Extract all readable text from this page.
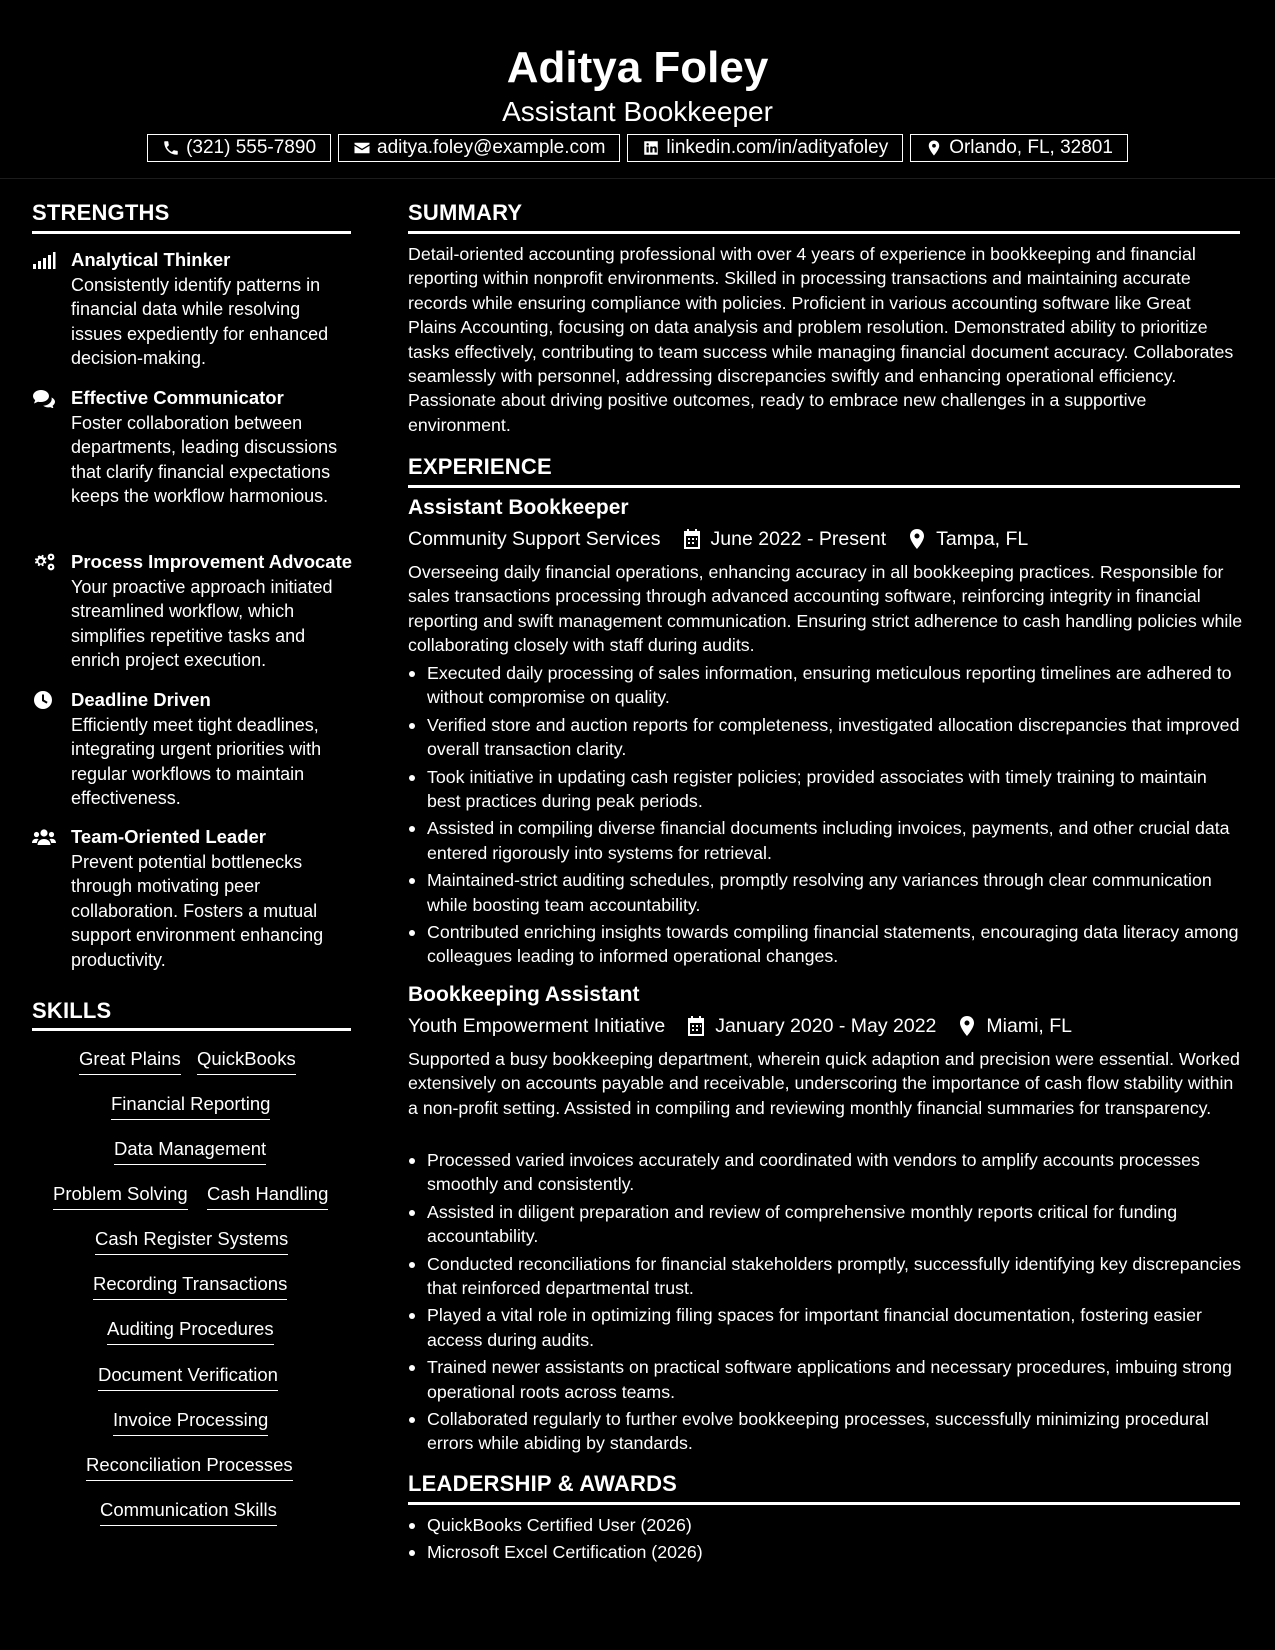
Aditya Foley
Assistant Bookkeeper
(321) 555-7890	aditya.foley@example.com	linkedin.com/in/adityafoley	Orlando, FL, 32801
STRENGTHS
Analytical Thinker
Consistently identify patterns in financial data while resolving issues expediently for enhanced decision-making.
Effective Communicator
Foster collaboration between departments, leading discussions that clarify financial expectations keeps the workflow harmonious.
Process Improvement Advocate
Your proactive approach initiated streamlined workflow, which simplifies repetitive tasks and enrich project execution.
Deadline Driven
Efficiently meet tight deadlines, integrating urgent priorities with regular workflows to maintain effectiveness.
Team-Oriented Leader
Prevent potential bottlenecks through motivating peer collaboration. Fosters a mutual support environment enhancing productivity.
SKILLS
Great Plains QuickBooks
Financial Reporting
Data Management
Problem Solving Cash Handling
Cash Register Systems
Recording Transactions
Auditing Procedures
Document Verification
Invoice Processing
Reconciliation Processes
Communication Skills
SUMMARY
Detail-oriented accounting professional with over 4 years of experience in bookkeeping and financial reporting within nonprofit environments. Skilled in processing transactions and maintaining accurate records while ensuring compliance with policies. Proficient in various accounting software like Great Plains Accounting, focusing on data analysis and problem resolution. Demonstrated ability to prioritize tasks effectively, contributing to team success while managing financial document accuracy. Collaborates seamlessly with personnel, addressing discrepancies swiftly and enhancing operational efficiency. Passionate about driving positive outcomes, ready to embrace new challenges in a supportive environment.
EXPERIENCE
Assistant Bookkeeper
Community Support Services	June 2022 - Present	Tampa, FL
Overseeing daily financial operations, enhancing accuracy in all bookkeeping practices. Responsible for sales transactions processing through advanced accounting software, reinforcing integrity in financial reporting and swift management communication. Ensuring strict adherence to cash handling policies while collaborating closely with staff during audits.
Executed daily processing of sales information, ensuring meticulous reporting timelines are adhered to without compromise on quality.
Verified store and auction reports for completeness, investigated allocation discrepancies that improved overall transaction clarity.
Took initiative in updating cash register policies; provided associates with timely training to maintain best practices during peak periods.
Assisted in compiling diverse financial documents including invoices, payments, and other crucial data entered rigorously into systems for retrieval.
Maintained-strict auditing schedules, promptly resolving any variances through clear communication while boosting team accountability.
Contributed enriching insights towards compiling financial statements, encouraging data literacy among colleagues leading to informed operational changes.
Bookkeeping Assistant
Youth Empowerment Initiative	January 2020 - May 2022	Miami, FL
Supported a busy bookkeeping department, wherein quick adaption and precision were essential. Worked extensively on accounts payable and receivable, underscoring the importance of cash flow stability within a non-profit setting. Assisted in compiling and reviewing monthly financial summaries for transparency.
Processed varied invoices accurately and coordinated with vendors to amplify accounts processes smoothly and consistently.
Assisted in diligent preparation and review of comprehensive monthly reports critical for funding accountability.
Conducted reconciliations for financial stakeholders promptly, successfully identifying key discrepancies that reinforced departmental trust.
Played a vital role in optimizing filing spaces for important financial documentation, fostering easier access during audits.
Trained newer assistants on practical software applications and necessary procedures, imbuing strong operational roots across teams.
Collaborated regularly to further evolve bookkeeping processes, successfully minimizing procedural errors while abiding by standards.
LEADERSHIP & AWARDS
QuickBooks Certified User (2026)
Microsoft Excel Certification (2026)
